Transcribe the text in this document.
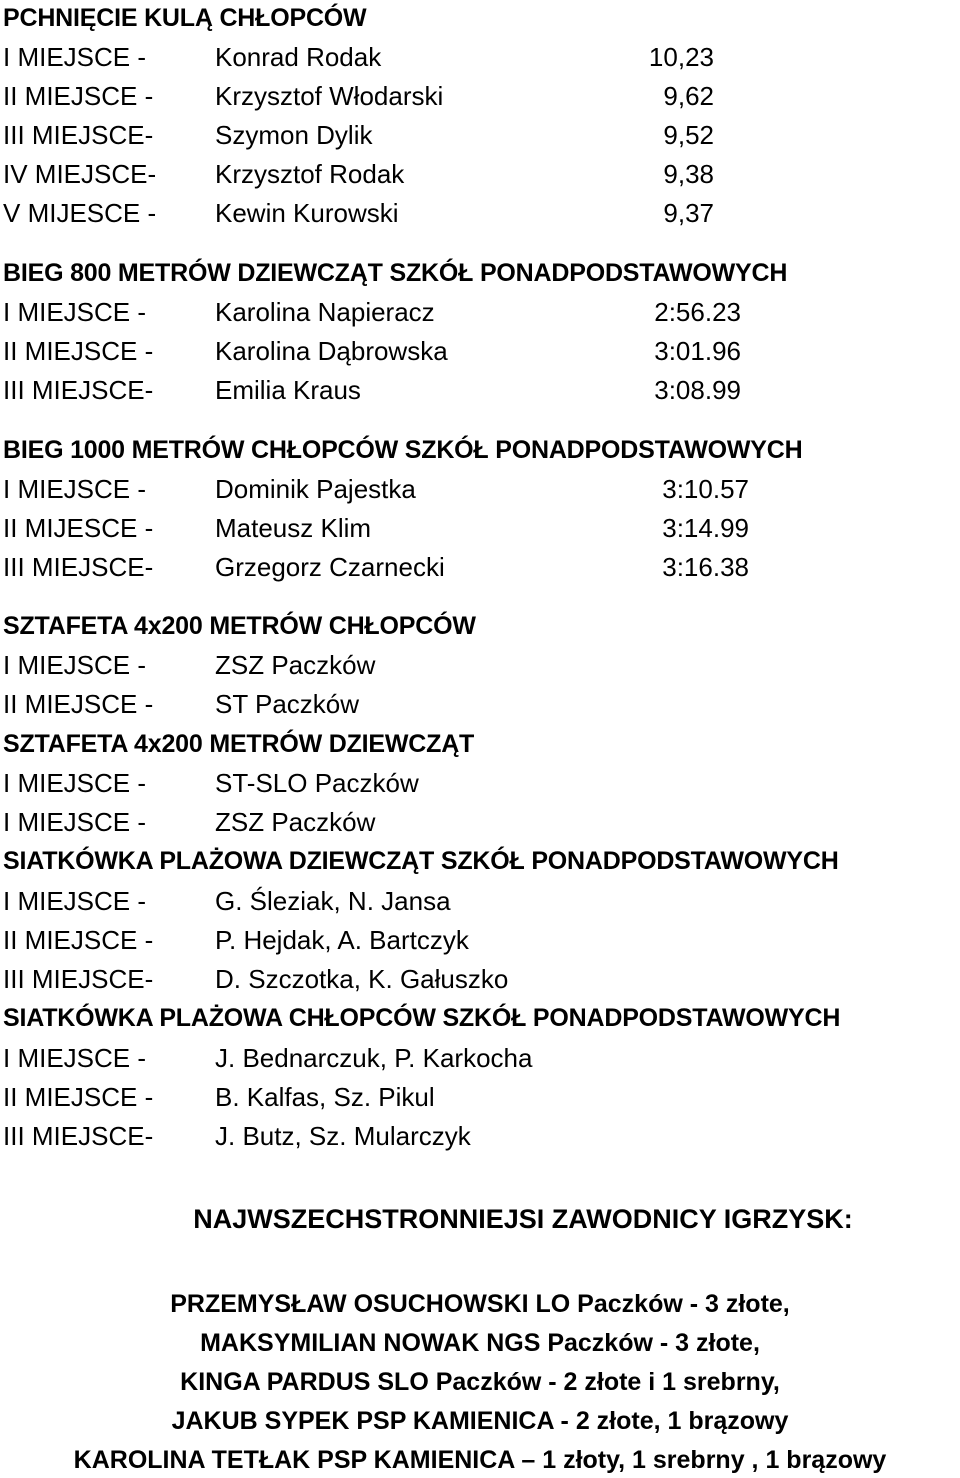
PCHNIĘCIE KULĄ CHŁOPCÓW
I MIEJSCE -	Konrad Rodak	10,23
II MIEJSCE - Krzysztof Włodarski	9,62
III MIEJSCE- Szymon Dylik	9,52
IV MIEJSCE- Krzysztof Rodak	9,38
V MIJESCE - Kewin Kurowski	9,37
BIEG 800 METRÓW DZIEWCZĄT SZKÓŁ PONADPODSTAWOWYCH
I MIEJSCE -	Karolina Napieracz	2:56.23
II MIEJSCE - Karolina Dąbrowska	3:01.96
III MIEJSCE- Emilia Kraus	3:08.99
BIEG 1000 METRÓW CHŁOPCÓW SZKÓŁ PONADPODSTAWOWYCH
I MIEJSCE -	Dominik Pajestka	3:10.57
II MIJESCE - Mateusz Klim	3:14.99
III MIEJSCE- Grzegorz Czarnecki	3:16.38
SZTAFETA 4x200 METRÓW CHŁOPCÓW
I MIEJSCE -	ZSZ Paczków
II MIEJSCE - ST Paczków
SZTAFETA 4x200 METRÓW DZIEWCZĄT
I MIEJSCE -	ST-SLO Paczków
I MIEJSCE -	ZSZ Paczków
SIATKÓWKA PLAŻOWA DZIEWCZĄT SZKÓŁ PONADPODSTAWOWYCH
I MIEJSCE -	G. Śleziak, N. Jansa
II MIEJSCE - P. Hejdak, A. Bartczyk
III MIEJSCE- D. Szczotka, K. Gałuszko
SIATKÓWKA PLAŻOWA CHŁOPCÓW SZKÓŁ PONADPODSTAWOWYCH
I MIEJSCE -	J. Bednarczuk, P. Karkocha
II MIEJSCE - B. Kalfas, Sz. Pikul
III MIEJSCE- J. Butz, Sz. Mularczyk
NAJWSZECHSTRONNIEJSI ZAWODNICY IGRZYSK:
PRZEMYSŁAW OSUCHOWSKI LO Paczków - 3 złote,
MAKSYMILIAN NOWAK NGS Paczków - 3 złote,
KINGA PARDUS SLO Paczków - 2 złote i 1 srebrny,
JAKUB SYPEK PSP KAMIENICA - 2 złote, 1 brązowy
KAROLINA TETŁAK PSP KAMIENICA – 1 złoty, 1 srebrny , 1 brązowy
